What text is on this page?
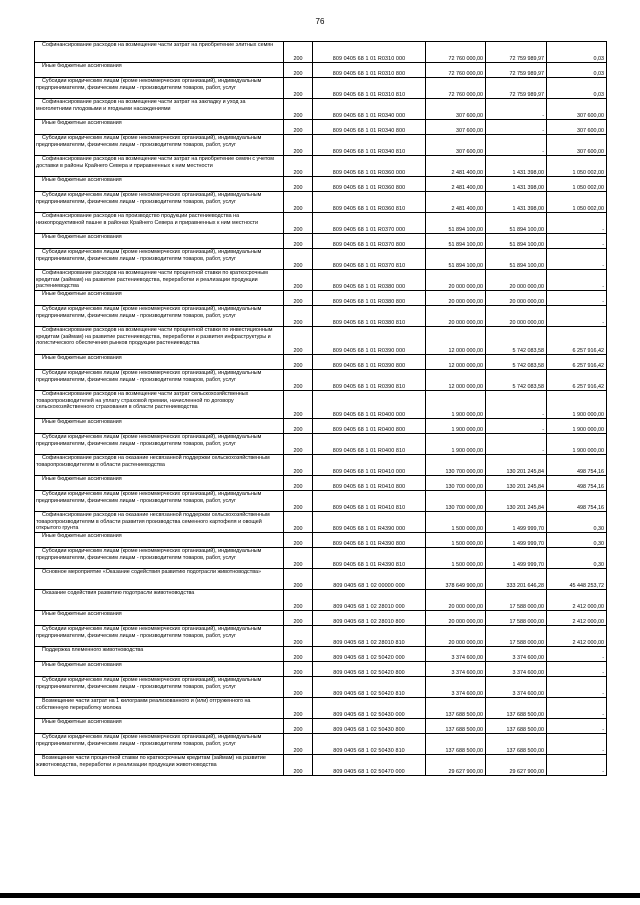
76
Софинансирование расходов на возмещение части затрат на приобретение элитных семян	200	809 0405 68 1 01 R0310 000	72 760 000,00	72 759 989,97	0,03

Иные бюджетные ассигнования	200	809 0405 68 1 01 R0310 800	72 760 000,00	72 759 989,97	0,03

Субсидии юридическим лицам (кроме некоммерческих организаций), индивидуальным предпринимателям, физическим лицам - производителям товаров, работ, услуг	200	809 0405 68 1 01 R0310 810	72 760 000,00	72 759 989,97	0,03

Софинансирование расходов на возмещение части затрат на закладку и уход за многолетними плодовыми и ягодными насаждениями	200	809 0405 68 1 01 R0340 000	307 600,00	-	307 600,00

Иные бюджетные ассигнования	200	809 0405 68 1 01 R0340 800	307 600,00	-	307 600,00

Субсидии юридическим лицам (кроме некоммерческих организаций), индивидуальным предпринимателям, физическим лицам - производителям товаров, работ, услуг	200	809 0405 68 1 01 R0340 810	307 600,00	-	307 600,00

Софинансирование расходов на возмещение части затрат на приобретение семян с учетом доставки в районы Крайнего Севера и приравненных к ним местности	200	809 0405 68 1 01 R0360 000	2 481 400,00	1 431 398,00	1 050 002,00

Иные бюджетные ассигнования	200	809 0405 68 1 01 R0360 800	2 481 400,00	1 431 398,00	1 050 002,00

Субсидии юридическим лицам (кроме некоммерческих организаций), индивидуальным предпринимателям, физическим лицам - производителям товаров, работ, услуг	200	809 0405 68 1 01 R0360 810	2 481 400,00	1 431 398,00	1 050 002,00

Софинансирование расходов на производство продукции растениеводства на низкопродуктивной пашне в районах Крайнего Севера и приравненных к ним местности	200	809 0405 68 1 01 R0370 000	51 894 100,00	51 894 100,00	-

Иные бюджетные ассигнования	200	809 0405 68 1 01 R0370 800	51 894 100,00	51 894 100,00	-

Субсидии юридическим лицам (кроме некоммерческих организаций), индивидуальным предпринимателям, физическим лицам - производителям товаров, работ, услуг	200	809 0405 68 1 01 R0370 810	51 894 100,00	51 894 100,00	-

Софинансирование расходов на возмещение части процентной ставки по краткосрочным кредитам (займам) на развитие растениеводства, переработки и реализации продукции растениеводства	200	809 0405 68 1 01 R0380 000	20 000 000,00	20 000 000,00	-

Иные бюджетные ассигнования	200	809 0405 68 1 01 R0380 800	20 000 000,00	20 000 000,00	-

Субсидии юридическим лицам (кроме некоммерческих организаций), индивидуальным предпринимателям, физическим лицам - производителям товаров, работ, услуг	200	809 0405 68 1 01 R0380 810	20 000 000,00	20 000 000,00	-

Софинансирование расходов на возмещение части процентной ставки по инвестиционным кредитам (займам) на развитие растениеводства, переработки и развития инфраструктуры и логистического обеспечения рынков продукции растениеводства	200	809 0405 68 1 01 R0390 000	12 000 000,00	5 742 083,58	6 257 916,42

Иные бюджетные ассигнования	200	809 0405 68 1 01 R0390 800	12 000 000,00	5 742 083,58	6 257 916,42

Субсидии юридическим лицам (кроме некоммерческих организаций), индивидуальным предпринимателям, физическим лицам - производителям товаров, работ, услуг	200	809 0405 68 1 01 R0390 810	12 000 000,00	5 742 083,58	6 257 916,42

Софинансирование расходов на возмещение части затрат сельскохозяйственных товаропроизводителей на уплату страховой премии, начисленной по договору сельскохозяйственного страхования в области растениеводства	200	809 0405 68 1 01 R0400 000	1 900 000,00	-	1 900 000,00

Иные бюджетные ассигнования	200	809 0405 68 1 01 R0400 800	1 900 000,00	-	1 900 000,00

Субсидии юридическим лицам (кроме некоммерческих организаций), индивидуальным предпринимателям, физическим лицам - производителям товаров, работ, услуг	200	809 0405 68 1 01 R0400 810	1 900 000,00	-	1 900 000,00

Софинансирование расходов на оказание несвязанной поддержки сельскохозяйственным товаропроизводителям в области растениеводства	200	809 0405 68 1 01 R0410 000	130 700 000,00	130 201 245,84	498 754,16

Иные бюджетные ассигнования	200	809 0405 68 1 01 R0410 800	130 700 000,00	130 201 245,84	498 754,16

Субсидии юридическим лицам (кроме некоммерческих организаций), индивидуальным предпринимателям, физическим лицам - производителям товаров, работ, услуг	200	809 0405 68 1 01 R0410 810	130 700 000,00	130 201 245,84	498 754,16

Софинансирование расходов на оказание несвязанной поддержки сельскохозяйственным товаропроизводителям в области развития производства семенного картофеля и овощей открытого грунта	200	809 0405 68 1 01 R4390 000	1 500 000,00	1 499 999,70	0,30

Иные бюджетные ассигнования	200	809 0405 68 1 01 R4390 800	1 500 000,00	1 499 999,70	0,30

Субсидии юридическим лицам (кроме некоммерческих организаций), индивидуальным предпринимателям, физическим лицам - производителям товаров, работ, услуг	200	809 0405 68 1 01 R4390 810	1 500 000,00	1 499 999,70	0,30

Основное мероприятие «Оказание содействия развитию подотрасли животноводства»	200	809 0405 68 1 02 00000 000	378 649 900,00	333 201 646,28	45 448 253,72

Оказание содействия развитию подотрасли животноводства	200	809 0405 68 1 02 28010 000	20 000 000,00	17 588 000,00	2 412 000,00

Иные бюджетные ассигнования	200	809 0405 68 1 02 28010 800	20 000 000,00	17 588 000,00	2 412 000,00

Субсидии юридическим лицам (кроме некоммерческих организаций), индивидуальным предпринимателям, физическим лицам - производителям товаров, работ, услуг	200	809 0405 68 1 02 28010 810	20 000 000,00	17 588 000,00	2 412 000,00

Поддержка племенного животноводства	200	809 0405 68 1 02 50420 000	3 374 600,00	3 374 600,00	-

Иные бюджетные ассигнования	200	809 0405 68 1 02 50420 800	3 374 600,00	3 374 600,00	-

Субсидии юридическим лицам (кроме некоммерческих организаций), индивидуальным предпринимателям, физическим лицам - производителям товаров, работ, услуг	200	809 0405 68 1 02 50420 810	3 374 600,00	3 374 600,00	-

Возмещение части затрат на 1 килограмм реализованного и (или) отгруженного на собственную переработку молока	200	809 0405 68 1 02 50430 000	137 688 500,00	137 688 500,00	-

Иные бюджетные ассигнования	200	809 0405 68 1 02 50430 800	137 688 500,00	137 688 500,00	-

Субсидии юридическим лицам (кроме некоммерческих организаций), индивидуальным предпринимателям, физическим лицам - производителям товаров, работ, услуг	200	809 0405 68 1 02 50430 810	137 688 500,00	137 688 500,00	-

Возмещение части процентной ставки по краткосрочным кредитам (займам) на развитие животноводства, переработки и реализации продукции животноводства	200	809 0405 68 1 02 50470 000	29 627 900,00	29 627 900,00	-
